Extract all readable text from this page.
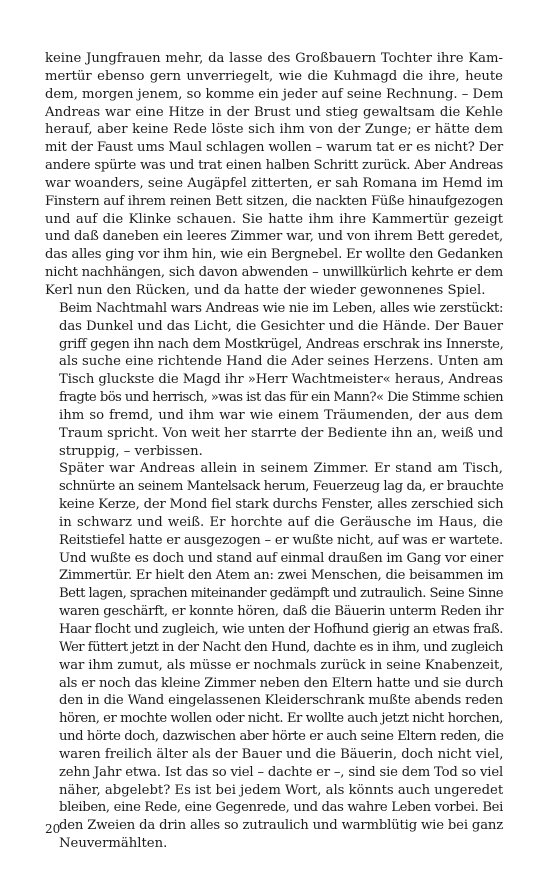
keine Jungfrauen mehr, da lasse des Großbauern Tochter ihre Kam-
mertür ebenso gern unverriegelt, wie die Kuhmagd die ihre, heute
dem, morgen jenem, so komme ein jeder auf seine Rechnung. – Dem
Andreas war eine Hitze in der Brust und stieg gewaltsam die Kehle
herauf, aber keine Rede löste sich ihm von der Zunge; er hätte dem
mit der Faust ums Maul schlagen wollen – warum tat er es nicht? Der
andere spürte was und trat einen halben Schritt zurück. Aber Andreas
war woanders, seine Augäpfel zitterten, er sah Romana im Hemd im
Finstern auf ihrem reinen Bett sitzen, die nackten Füße hinaufgezogen
und auf die Klinke schauen. Sie hatte ihm ihre Kammertür gezeigt
und daß daneben ein leeres Zimmer war, und von ihrem Bett geredet,
das alles ging vor ihm hin, wie ein Bergnebel. Er wollte den Gedanken
nicht nachhängen, sich davon abwenden – unwillkürlich kehrte er dem
Kerl nun den Rücken, und da hatte der wieder gewonnenes Spiel.

Beim Nachtmahl wars Andreas wie nie im Leben, alles wie zerstückt:
das Dunkel und das Licht, die Gesichter und die Hände. Der Bauer
griff gegen ihn nach dem Mostkrügel, Andreas erschrak ins Innerste,
als suche eine richtende Hand die Ader seines Herzens. Unten am
Tisch gluckste die Magd ihr »Herr Wachtmeister« heraus, Andreas
fragte bös und herrisch, »was ist das für ein Mann?« Die Stimme schien
ihm so fremd, und ihm war wie einem Träumenden, der aus dem
Traum spricht. Von weit her starrte der Bediente ihn an, weiß und
struppig, – verbissen.

Später war Andreas allein in seinem Zimmer. Er stand am Tisch,
schnürte an seinem Mantelsack herum, Feuerzeug lag da, er brauchte
keine Kerze, der Mond fiel stark durchs Fenster, alles zerschied sich
in schwarz und weiß. Er horchte auf die Geräusche im Haus, die
Reitstiefel hatte er ausgezogen – er wußte nicht, auf was er wartete.
Und wußte es doch und stand auf einmal draußen im Gang vor einer
Zimmertür. Er hielt den Atem an: zwei Menschen, die beisammen im
Bett lagen, sprachen miteinander gedämpft und zutraulich. Seine Sinne
waren geschärft, er konnte hören, daß die Bäuerin unterm Reden ihr
Haar flocht und zugleich, wie unten der Hofhund gierig an etwas fraß.
Wer füttert jetzt in der Nacht den Hund, dachte es in ihm, und zugleich
war ihm zumut, als müsse er nochmals zurück in seine Knabenzeit,
als er noch das kleine Zimmer neben den Eltern hatte und sie durch
den in die Wand eingelassenen Kleiderschrank mußte abends reden
hören, er mochte wollen oder nicht. Er wollte auch jetzt nicht horchen,
und hörte doch, dazwischen aber hörte er auch seine Eltern reden, die
waren freilich älter als der Bauer und die Bäuerin, doch nicht viel,
zehn Jahr etwa. Ist das so viel – dachte er –, sind sie dem Tod so viel
näher, abgelebt? Es ist bei jedem Wort, als könnts auch ungeredet
bleiben, eine Rede, eine Gegenrede, und das wahre Leben vorbei. Bei
den Zweien da drin alles so zutraulich und warmblütig wie bei ganz
Neuvermählten.

20
